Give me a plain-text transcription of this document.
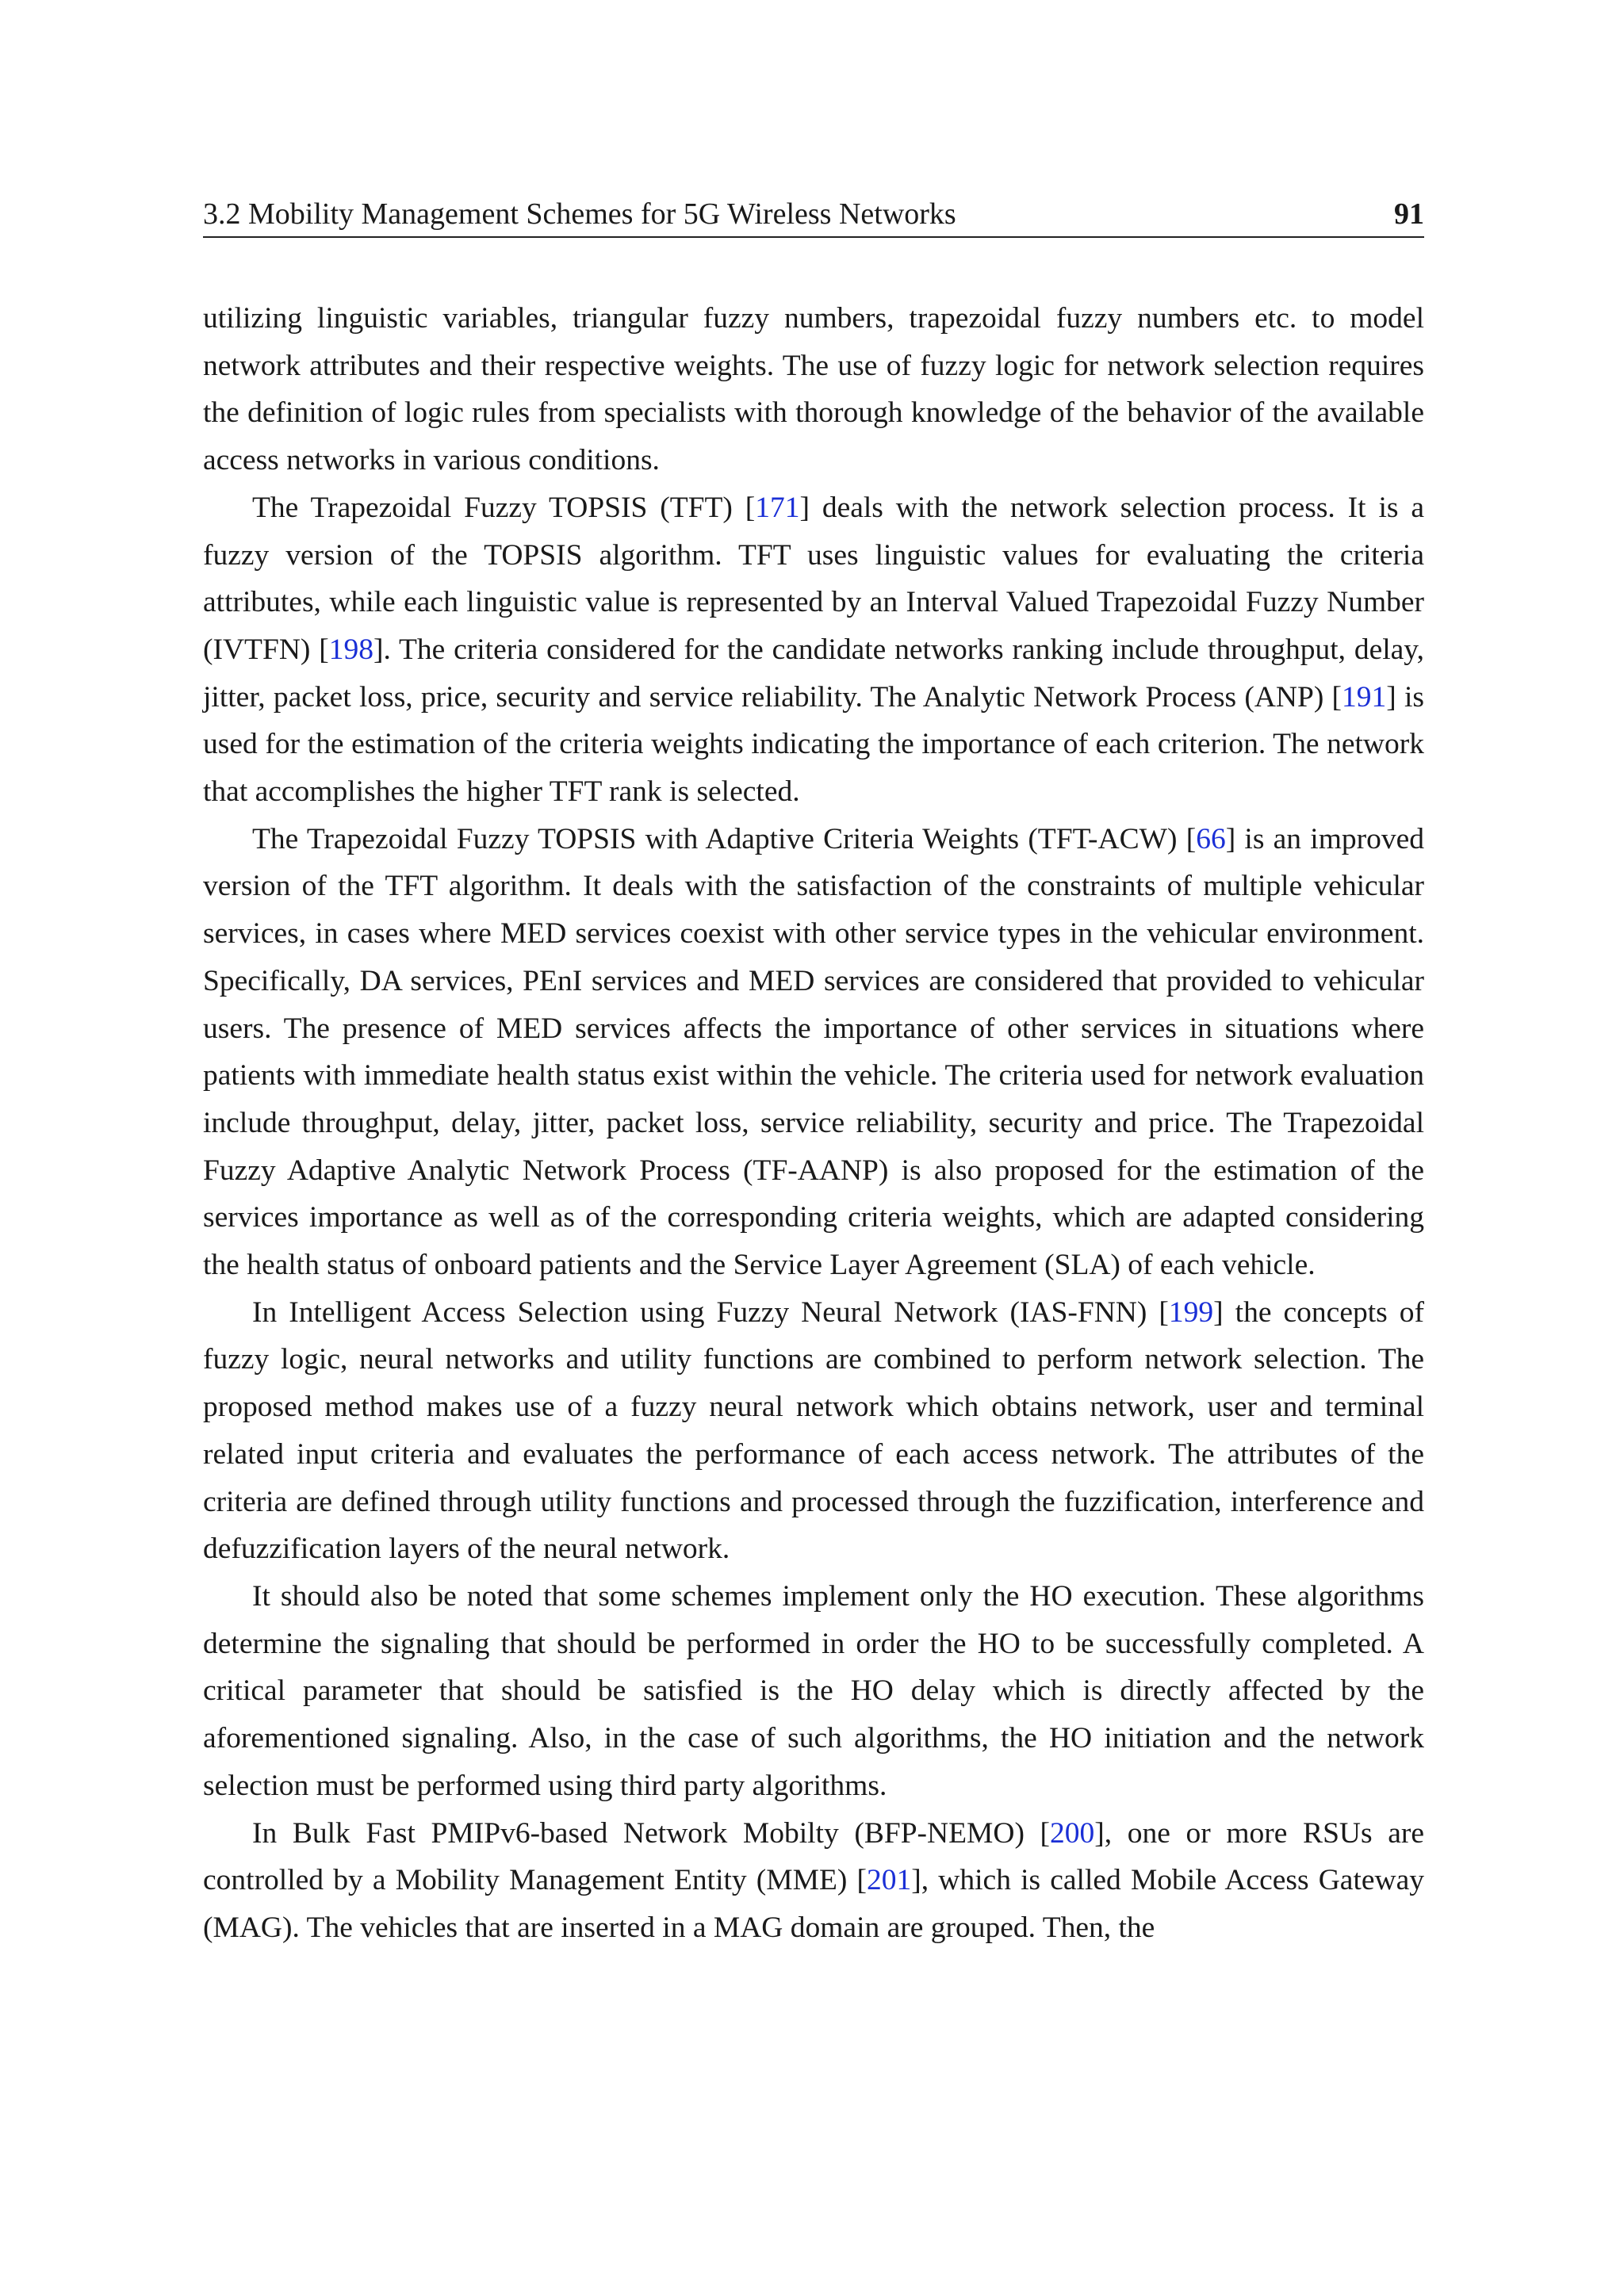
3.2 Mobility Management Schemes for 5G Wireless Networks	91

utilizing linguistic variables, triangular fuzzy numbers, trapezoidal fuzzy numbers etc. to model network attributes and their respective weights. The use of fuzzy logic for network selection requires the definition of logic rules from specialists with thorough knowledge of the behavior of the available access networks in various conditions.

The Trapezoidal Fuzzy TOPSIS (TFT) [171] deals with the network selection process. It is a fuzzy version of the TOPSIS algorithm. TFT uses linguistic values for evaluating the criteria attributes, while each linguistic value is represented by an Interval Valued Trapezoidal Fuzzy Number (IVTFN) [198]. The criteria considered for the candidate networks ranking include throughput, delay, jitter, packet loss, price, security and service reliability. The Analytic Network Process (ANP) [191] is used for the estimation of the criteria weights indicating the importance of each criterion. The network that accomplishes the higher TFT rank is selected.

The Trapezoidal Fuzzy TOPSIS with Adaptive Criteria Weights (TFT-ACW) [66] is an improved version of the TFT algorithm. It deals with the satisfaction of the constraints of multiple vehicular services, in cases where MED services coexist with other service types in the vehicular environment. Specifically, DA services, PEnI services and MED services are considered that provided to vehicular users. The presence of MED services affects the importance of other services in situations where patients with immediate health status exist within the vehicle. The criteria used for network evaluation include throughput, delay, jitter, packet loss, service reliability, security and price. The Trapezoidal Fuzzy Adaptive Analytic Network Process (TF-AANP) is also proposed for the estimation of the services importance as well as of the corresponding criteria weights, which are adapted considering the health status of onboard patients and the Service Layer Agreement (SLA) of each vehicle.

In Intelligent Access Selection using Fuzzy Neural Network (IAS-FNN) [199] the concepts of fuzzy logic, neural networks and utility functions are combined to perform network selection. The proposed method makes use of a fuzzy neural network which obtains network, user and terminal related input criteria and evaluates the performance of each access network. The attributes of the criteria are defined through utility functions and processed through the fuzzification, interference and defuzzification layers of the neural network.

It should also be noted that some schemes implement only the HO execution. These algorithms determine the signaling that should be performed in order the HO to be successfully completed. A critical parameter that should be satisfied is the HO delay which is directly affected by the aforementioned signaling. Also, in the case of such algorithms, the HO initiation and the network selection must be performed using third party algorithms.

In Bulk Fast PMIPv6-based Network Mobilty (BFP-NEMO) [200], one or more RSUs are controlled by a Mobility Management Entity (MME) [201], which is called Mobile Access Gateway (MAG). The vehicles that are inserted in a MAG domain are grouped. Then, the
